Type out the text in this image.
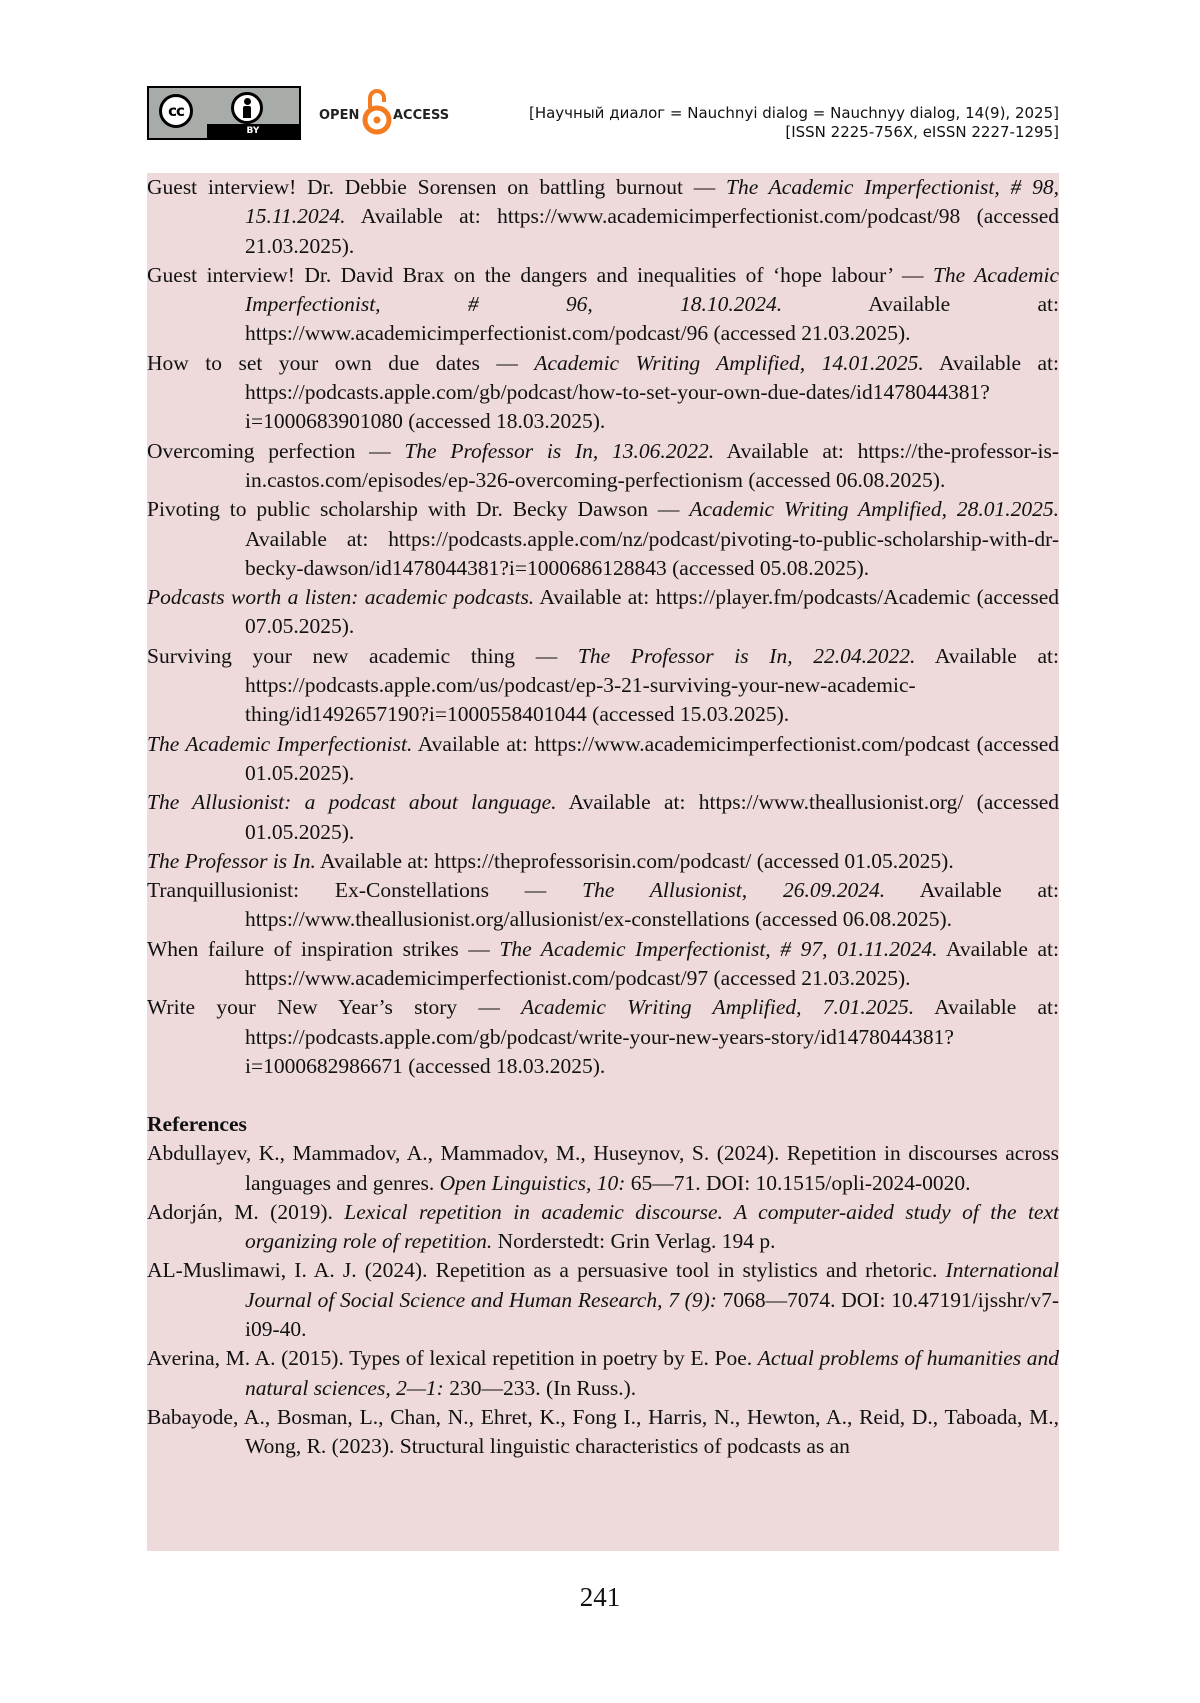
cc
BY
OPEN	ACCESS	[Научный диалог = Nauchnyi dialog = Nauchnyy dialog, 14(9), 2025]
[ISSN 2225-756X, eISSN 2227-1295]

Guest interview! Dr. Debbie Sorensen on battling burnout — The Academic Imperfectionist, # 98, 15.11.2024. Available at: https://www.academicimperfectionist.com/podcast/98 (accessed 21.03.2025).

Guest interview! Dr. David Brax on the dangers and inequalities of ‘hope labour’ — The Academic Imperfectionist, # 96, 18.10.2024. Available at: https://www.academicimperfectionist.com/podcast/96 (accessed 21.03.2025).

How to set your own due dates — Academic Writing Amplified, 14.01.2025. Available at: https://podcasts.apple.com/gb/podcast/how-to-set-your-own-due-dates/id1478044381?i=1000683901080 (accessed 18.03.2025).

Overcoming perfection — The Professor is In, 13.06.2022. Available at: https://the-professor-is-in.castos.com/episodes/ep-326-overcoming-perfectionism (accessed 06.08.2025).

Pivoting to public scholarship with Dr. Becky Dawson — Academic Writing Amplified, 28.01.2025. Available at: https://podcasts.apple.com/nz/podcast/pivoting-to-public-scholarship-with-dr-becky-dawson/id1478044381?i=1000686128843 (accessed 05.08.2025).

Podcasts worth a listen: academic podcasts. Available at: https://player.fm/podcasts/Academic (accessed 07.05.2025).

Surviving your new academic thing — The Professor is In, 22.04.2022. Available at: https://podcasts.apple.com/us/podcast/ep-3-21-surviving-your-new-academic-thing/id1492657190?i=1000558401044 (accessed 15.03.2025).

The Academic Imperfectionist. Available at: https://www.academicimperfectionist.com/podcast (accessed 01.05.2025).

The Allusionist: a podcast about language. Available at: https://www.theallusionist.org/ (accessed 01.05.2025).

The Professor is In. Available at: https://theprofessorisin.com/podcast/ (accessed 01.05.2025).

Tranquillusionist: Ex-Constellations — The Allusionist, 26.09.2024. Available at: https://www.theallusionist.org/allusionist/ex-constellations (accessed 06.08.2025).

When failure of inspiration strikes — The Academic Imperfectionist, # 97, 01.11.2024. Available at: https://www.academicimperfectionist.com/podcast/97 (accessed 21.03.2025).

Write your New Year’s story — Academic Writing Amplified, 7.01.2025. Available at: https://podcasts.apple.com/gb/podcast/write-your-new-years-story/id1478044381?i=1000682986671 (accessed 18.03.2025).

References

Abdullayev, K., Mammadov, A., Mammadov, M., Huseynov, S. (2024). Repetition in discourses across languages and genres. Open Linguistics, 10: 65—71. DOI: 10.1515/opli-2024-0020.

Adorján, M. (2019). Lexical repetition in academic discourse. A computer-aided study of the text organizing role of repetition. Norderstedt: Grin Verlag. 194 p.

AL-Muslimawi, I. A. J. (2024). Repetition as a persuasive tool in stylistics and rhetoric. International Journal of Social Science and Human Research, 7 (9): 7068—7074. DOI: 10.47191/ijsshr/v7-i09-40.

Averina, M. A. (2015). Types of lexical repetition in poetry by E. Poe. Actual problems of humanities and natural sciences, 2—1: 230—233. (In Russ.).

Babayode, A., Bosman, L., Chan, N., Ehret, K., Fong I., Harris, N., Hewton, A., Reid, D., Taboada, M., Wong, R. (2023). Structural linguistic characteristics of podcasts as an

241
